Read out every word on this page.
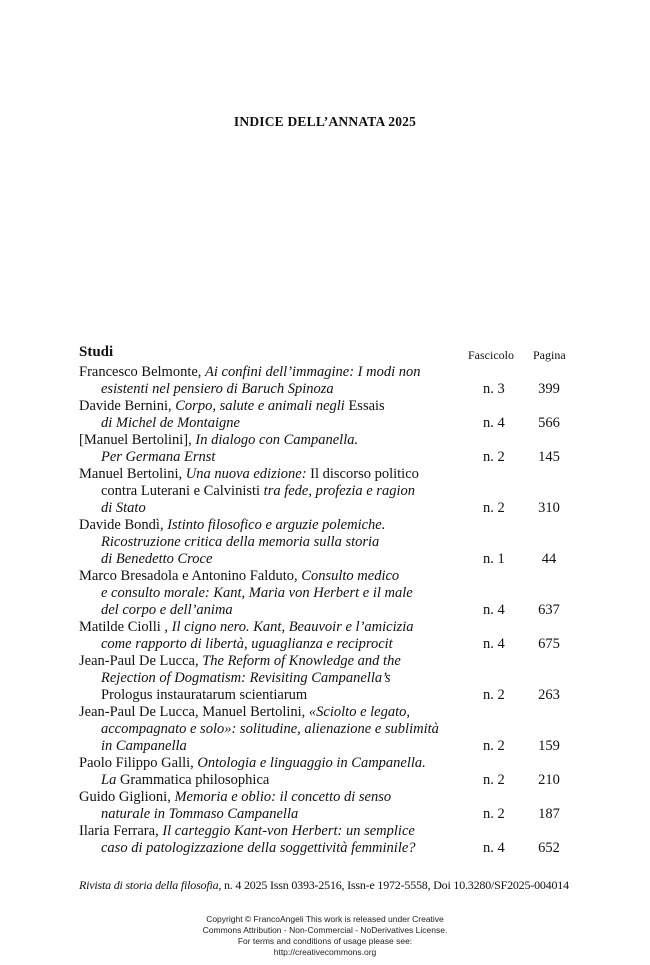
INDICE DELL’ANNATA 2025
Studi	Fascicolo Pagina
Francesco Belmonte, Ai confini dell’immagine: I modi non
esistenti nel pensiero di Baruch Spinoza	n. 3	399
Davide Bernini, Corpo, salute e animali negli Essais
di Michel de Montaigne	n. 4	566
[Manuel Bertolini], In dialogo con Campanella.
Per Germana Ernst	n. 2	145
Manuel Bertolini, Una nuova edizione: Il discorso politico
contra Luterani e Calvinisti tra fede, profezia e ragion
di Stato	n. 2	310
Davide Bondì, Istinto filosofico e arguzie polemiche.
Ricostruzione critica della memoria sulla storia
di Benedetto Croce	n. 1	44
Marco Bresadola e Antonino Falduto, Consulto medico
e consulto morale: Kant, Maria von Herbert e il male
del corpo e dell’anima	n. 4	637
Matilde Ciolli , Il cigno nero. Kant, Beauvoir e l’amicizia
come rapporto di libertà, uguaglianza e reciprocit	n. 4	675
Jean-Paul De Lucca, The Reform of Knowledge and the
Rejection of Dogmatism: Revisiting Campanella’s
Prologus instauratarum scientiarum	n. 2	263
Jean-Paul De Lucca, Manuel Bertolini, «Sciolto e legato,
accompagnato e solo»: solitudine, alienazione e sublimità
in Campanella	n. 2	159
Paolo Filippo Galli, Ontologia e linguaggio in Campanella.
La Grammatica philosophica	n. 2	210
Guido Giglioni, Memoria e oblio: il concetto di senso
naturale in Tommaso Campanella	n. 2	187
Ilaria Ferrara, Il carteggio Kant-von Herbert: un semplice
caso di patologizzazione della soggettività femminile?	n. 4	652
Rivista di storia della filosofia, n. 4 2025 Issn 0393-2516, Issn-e 1972-5558, Doi 10.3280/SF2025-004014
Copyright © FrancoAngeli This work is released under Creative
Commons Attribution - Non-Commercial - NoDerivatives License.
For terms and conditions of usage please see:
http://creativecommons.org
